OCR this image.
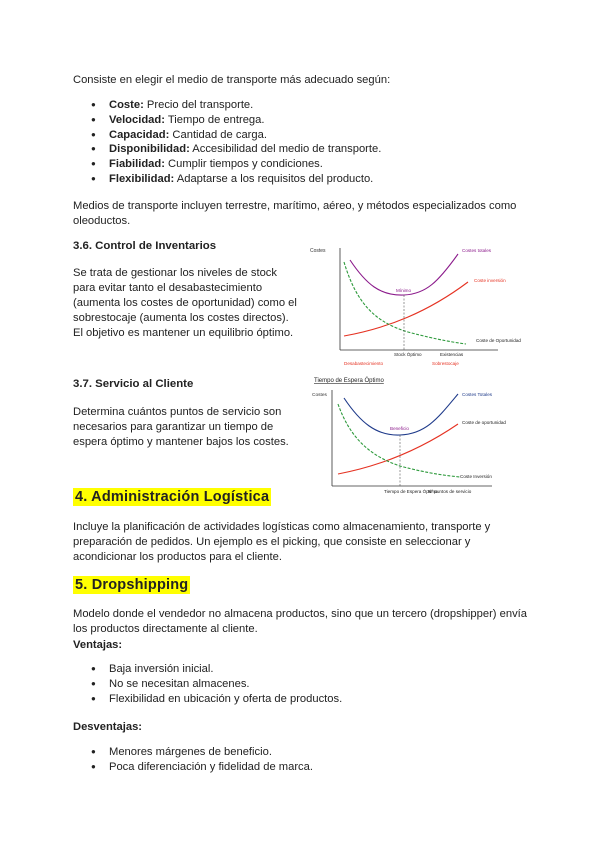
Consiste en elegir el medio de transporte más adecuado según:

● Coste: Precio del transporte.
● Velocidad: Tiempo de entrega.
● Capacidad: Cantidad de carga.
● Disponibilidad: Accesibilidad del medio de transporte.
● Fiabilidad: Cumplir tiempos y condiciones.
● Flexibilidad: Adaptarse a los requisitos del producto.

Medios de transporte incluyen terrestre, marítimo, aéreo, y métodos especializados como oleoductos.

3.6. Control de Inventarios

Se trata de gestionar los niveles de stock

para evitar tanto el desabastecimiento

(aumenta los costes de oportunidad) como el

sobrestocaje (aumenta los costes directos).

El objetivo es mantener un equilibrio óptimo.

3.7. Servicio al Cliente

Determina cuántos puntos de servicio son

necesarios para garantizar un tiempo de

espera óptimo y mantener bajos los costes.

Costes	Costes totales
Coste inversión
Coste de Oportunidad
Mínimo
Stock Óptimo	Existencias
Desabastecimiento	Sobrestocaje
Tiempo de Espera Óptimo
Costes	Costes Totales
Coste de oportunidad
Coste Inversión
Beneficio
Tiempo de Espera Óptimo
Nº puntos de servicio
4. Administración Logística

Incluye la planificación de actividades logísticas como almacenamiento, transporte y preparación de pedidos. Un ejemplo es el picking, que consiste en seleccionar y acondicionar los productos para el cliente.

5. Dropshipping

Modelo donde el vendedor no almacena productos, sino que un tercero (dropshipper) envía los productos directamente al cliente.

Ventajas:

● Baja inversión inicial.
● No se necesitan almacenes.
● Flexibilidad en ubicación y oferta de productos.

Desventajas:

● Menores márgenes de beneficio.
● Poca diferenciación y fidelidad de marca.
